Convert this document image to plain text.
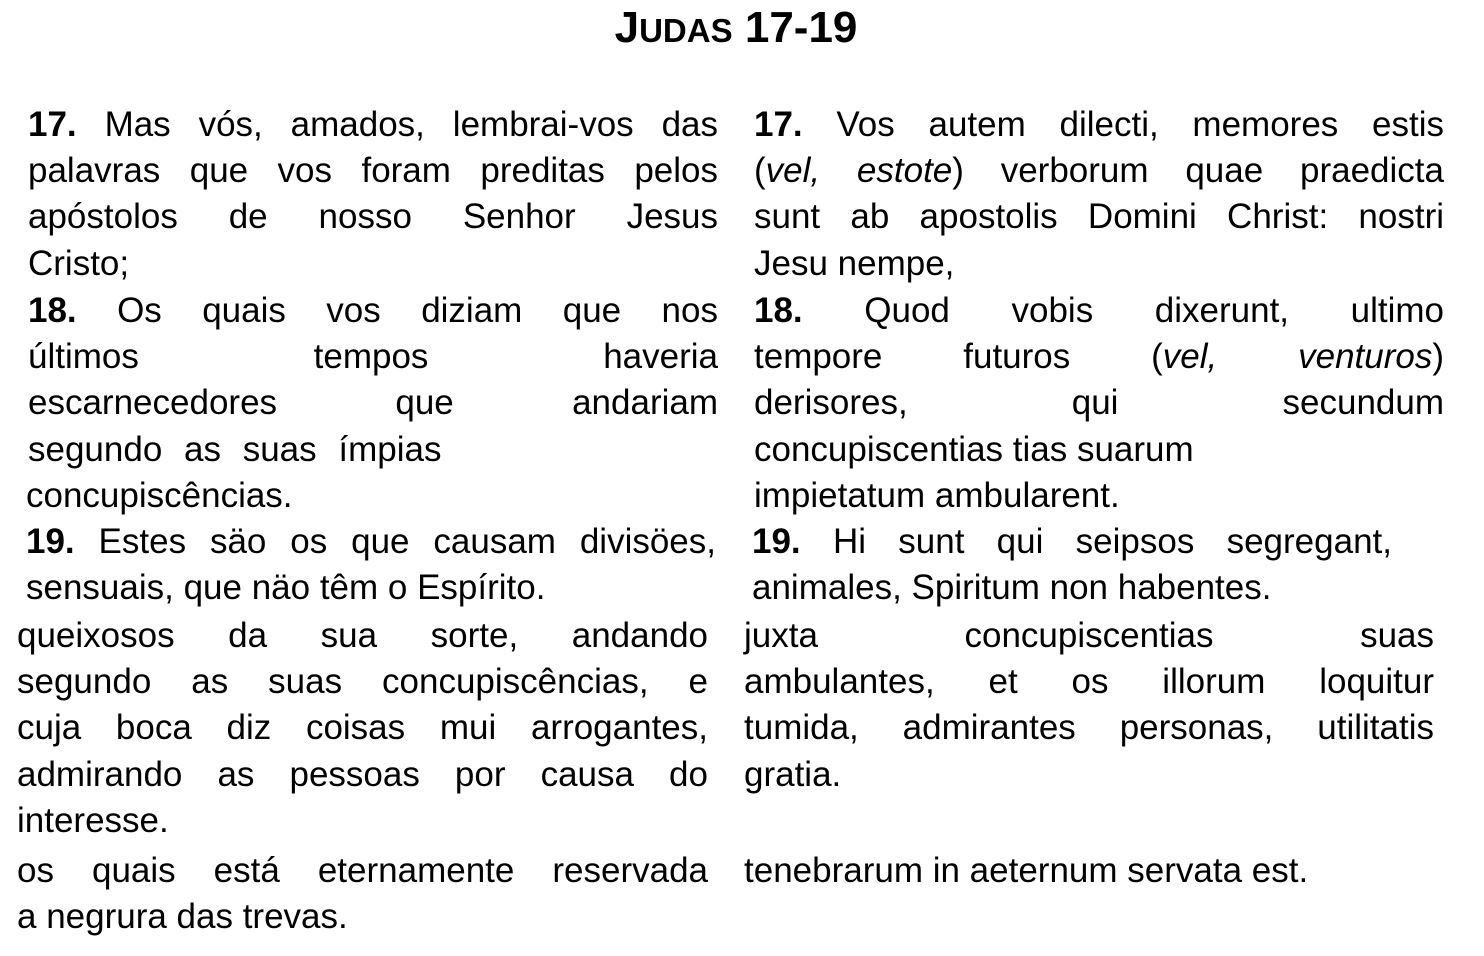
JUDAS 17-19
17. Mas vós, amados, lembrai-vos das
palavras que vos foram preditas pelos
apóstolos de nosso Senhor Jesus
Cristo;
17. Vos autem dilecti, memores estis
(vel, estote) verborum quae praedicta
sunt ab apostolis Domini Christ: nostri
Jesu nempe,
18. Os quais vos diziam que nos
últimos tempos haveria
escarnecedores que andariam
segundo as suas ímpias
concupiscências.
18. Quod vobis dixerunt, ultimo
tempore futuros (vel, venturos)
derisores, qui secundum
concupiscentias tias suarum
impietatum ambularent.
19. Estes säo os que causam divisöes,
sensuais, que näo têm o Espírito.
19. Hi sunt qui seipsos segregant,
animales, Spiritum non habentes.
queixosos da sua sorte, andando
segundo as suas concupiscências, e
cuja boca diz coisas mui arrogantes,
admirando as pessoas por causa do
interesse.
juxta concupiscentias suas
ambulantes, et os illorum loquitur
tumida, admirantes personas, utilitatis
gratia.
os quais está eternamente reservada
a negrura das trevas.
tenebrarum in aeternum servata est.
